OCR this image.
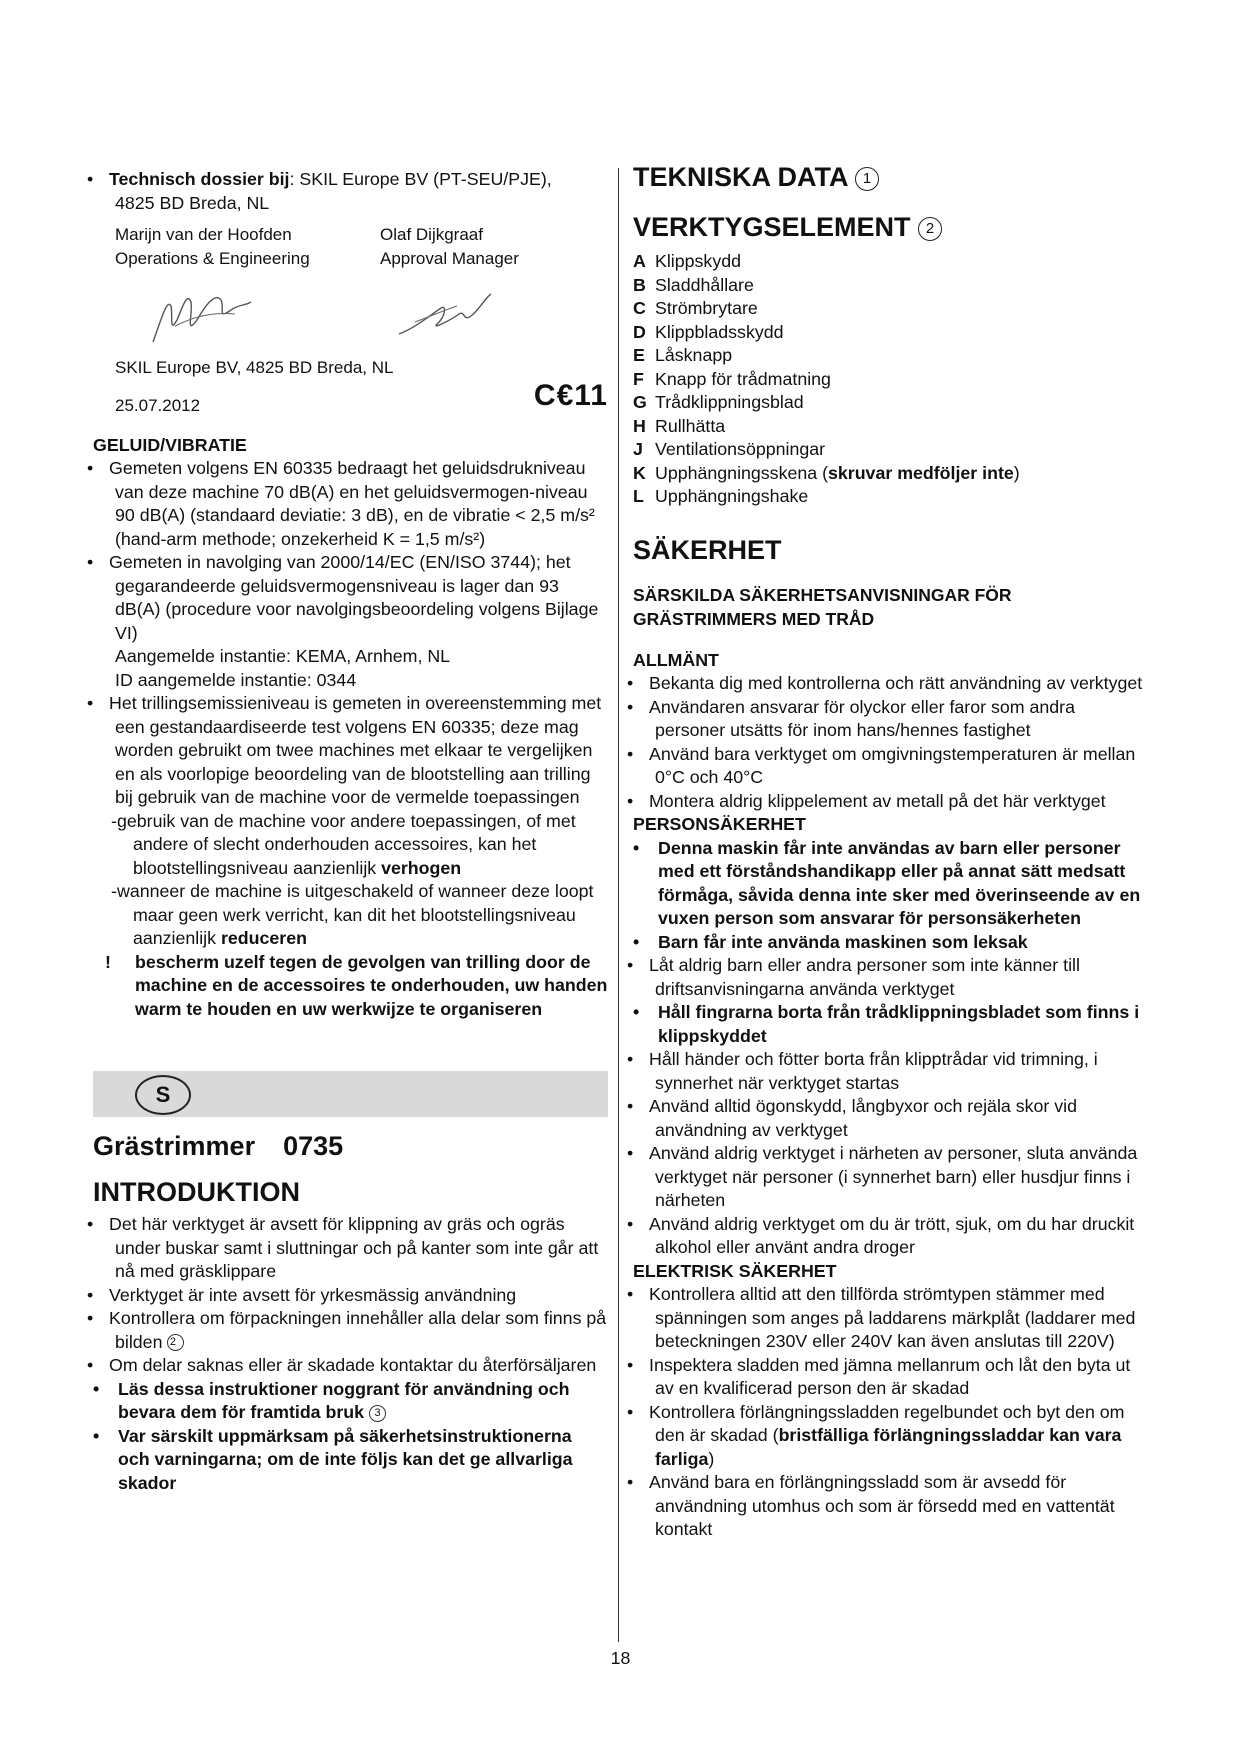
• Technisch dossier bij: SKIL Europe BV (PT-SEU/PJE),
4825 BD Breda, NL
Marijn van der Hoofden
Operations & Engineering
Olaf Dijkgraaf
Approval Manager
SKIL Europe BV, 4825 BD Breda, NL
25.07.2012	C€11
GELUID/VIBRATIE
• Gemeten volgens EN 60335 bedraagt het geluidsdrukniveau van deze machine 70 dB(A) en het geluidsvermogen-niveau 90 dB(A) (standaard deviatie: 3 dB), en de vibratie < 2,5 m/s² (hand-arm methode; onzekerheid K = 1,5 m/s²)
• Gemeten in navolging van 2000/14/EC (EN/ISO 3744); het gegarandeerde geluidsvermogensniveau is lager dan 93 dB(A) (procedure voor navolgingsbeoordeling volgens Bijlage VI)
Aangemelde instantie: KEMA, Arnhem, NL
ID aangemelde instantie: 0344
• Het trillingsemissieniveau is gemeten in overeenstemming met een gestandaardiseerde test volgens EN 60335; deze mag worden gebruikt om twee machines met elkaar te vergelijken en als voorlopige beoordeling van de blootstelling aan trilling bij gebruik van de machine voor de vermelde toepassingen
- gebruik van de machine voor andere toepassingen, of met andere of slecht onderhouden accessoires, kan het blootstellingsniveau aanzienlijk verhogen
- wanneer de machine is uitgeschakeld of wanneer deze loopt maar geen werk verricht, kan dit het blootstellingsniveau aanzienlijk reduceren
! bescherm uzelf tegen de gevolgen van trilling door de machine en de accessoires te onderhouden, uw handen warm te houden en uw werkwijze te organiseren
S
Grästrimmer 0735
INTRODUKTION
• Det här verktyget är avsett för klippning av gräs och ogräs under buskar samt i sluttningar och på kanter som inte går att nå med gräsklippare
• Verktyget är inte avsett för yrkesmässig användning
• Kontrollera om förpackningen innehåller alla delar som finns på bilden 2
• Om delar saknas eller är skadade kontaktar du återförsäljaren
• Läs dessa instruktioner noggrant för användning och bevara dem för framtida bruk 3
• Var särskilt uppmärksam på säkerhetsinstruktionerna och varningarna; om de inte följs kan det ge allvarliga skador
TEKNISKA DATA 1
VERKTYGSELEMENT 2
A Klippskydd
B Sladdhållare
C Strömbrytare
D Klippbladsskydd
E Låsknapp
F Knapp för trådmatning
G Trådklippningsblad
H Rullhätta
J Ventilationsöppningar
K Upphängningsskena (skruvar medföljer inte)
L Upphängningshake
SÄKERHET
SÄRSKILDA SÄKERHETSANVISNINGAR FÖR GRÄSTRIMMERS MED TRÅD
ALLMÄNT
• Bekanta dig med kontrollerna och rätt användning av verktyget
• Användaren ansvarar för olyckor eller faror som andra personer utsätts för inom hans/hennes fastighet
• Använd bara verktyget om omgivningstemperaturen är mellan 0°C och 40°C
• Montera aldrig klippelement av metall på det här verktyget
PERSONSÄKERHET
• Denna maskin får inte användas av barn eller personer med ett förståndshandikapp eller på annat sätt medsatt förmåga, såvida denna inte sker med överinseende av en vuxen person som ansvarar för personsäkerheten
• Barn får inte använda maskinen som leksak
• Låt aldrig barn eller andra personer som inte känner till driftsanvisningarna använda verktyget
• Håll fingrarna borta från trådklippningsbladet som finns i klippskyddet
• Håll händer och fötter borta från klipptrådar vid trimning, i synnerhet när verktyget startas
• Använd alltid ögonskydd, långbyxor och rejäla skor vid användning av verktyget
• Använd aldrig verktyget i närheten av personer, sluta använda verktyget när personer (i synnerhet barn) eller husdjur finns i närheten
• Använd aldrig verktyget om du är trött, sjuk, om du har druckit alkohol eller använt andra droger
ELEKTRISK SÄKERHET
• Kontrollera alltid att den tillförda strömtypen stämmer med spänningen som anges på laddarens märkplåt (laddarer med beteckningen 230V eller 240V kan även anslutas till 220V)
• Inspektera sladden med jämna mellanrum och låt den byta ut av en kvalificerad person den är skadad
• Kontrollera förlängningssladden regelbundet och byt den om den är skadad (bristfälliga förlängningssladdar kan vara farliga)
• Använd bara en förlängningssladd som är avsedd för användning utomhus och som är försedd med en vattentät kontakt
18
